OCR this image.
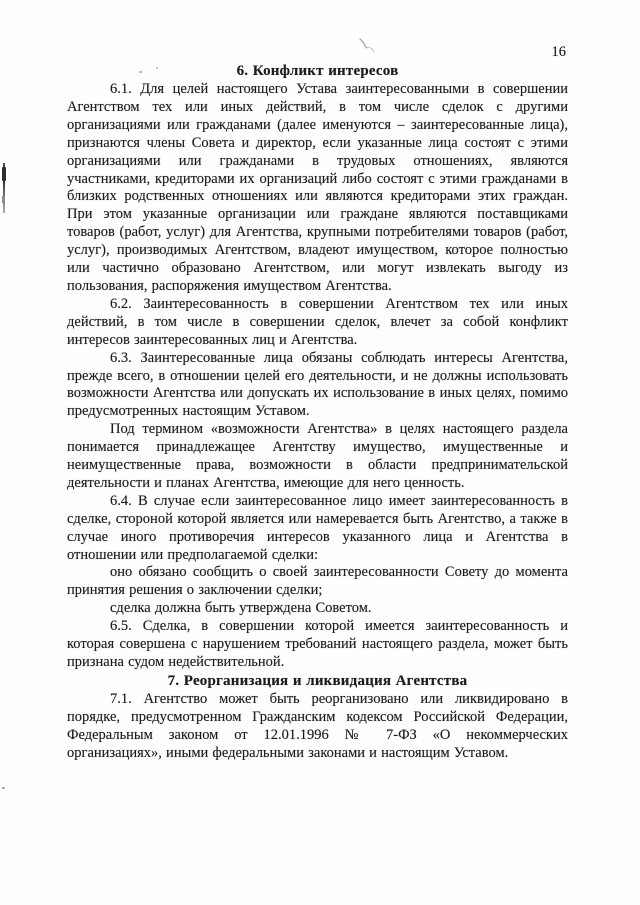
16
6. Конфликт интересов

6.1. Для целей настоящего Устава заинтересованными в совершении Агентством тех или иных действий, в том числе сделок с другими организациями или гражданами (далее именуются – заинтересованные лица), признаются члены Совета и директор, если указанные лица состоят с этими организациями или гражданами в трудовых отношениях, являются участниками, кредиторами их организаций либо состоят с этими гражданами в близких родственных отношениях или являются кредиторами этих граждан. При этом указанные организации или граждане являются поставщиками товаров (работ, услуг) для Агентства, крупными потребителями товаров (работ, услуг), производимых Агентством, владеют имуществом, которое полностью или частично образовано Агентством, или могут извлекать выгоду из пользования, распоряжения имуществом Агентства.

6.2. Заинтересованность в совершении Агентством тех или иных действий, в том числе в совершении сделок, влечет за собой конфликт интересов заинтересованных лиц и Агентства.

6.3. Заинтересованные лица обязаны соблюдать интересы Агентства, прежде всего, в отношении целей его деятельности, и не должны использовать возможности Агентства или допускать их использование в иных целях, помимо предусмотренных настоящим Уставом.

Под термином «возможности Агентства» в целях настоящего раздела понимается принадлежащее Агентству имущество, имущественные и неимущественные права, возможности в области предпринимательской деятельности и планах Агентства, имеющие для него ценность.

6.4. В случае если заинтересованное лицо имеет заинтересованность в сделке, стороной которой является или намеревается быть Агентство, а также в случае иного противоречия интересов указанного лица и Агентства в отношении или предполагаемой сделки:

оно обязано сообщить о своей заинтересованности Совету до момента принятия решения о заключении сделки;

сделка должна быть утверждена Советом.

6.5. Сделка, в совершении которой имеется заинтересованность и которая совершена с нарушением требований настоящего раздела, может быть признана судом недействительной.

7. Реорганизация и ликвидация Агентства

7.1. Агентство может быть реорганизовано или ликвидировано в порядке, предусмотренном Гражданским кодексом Российской Федерации, Федеральным законом от 12.01.1996 № 7-ФЗ «О некоммерческих организациях», иными федеральными законами и настоящим Уставом.
